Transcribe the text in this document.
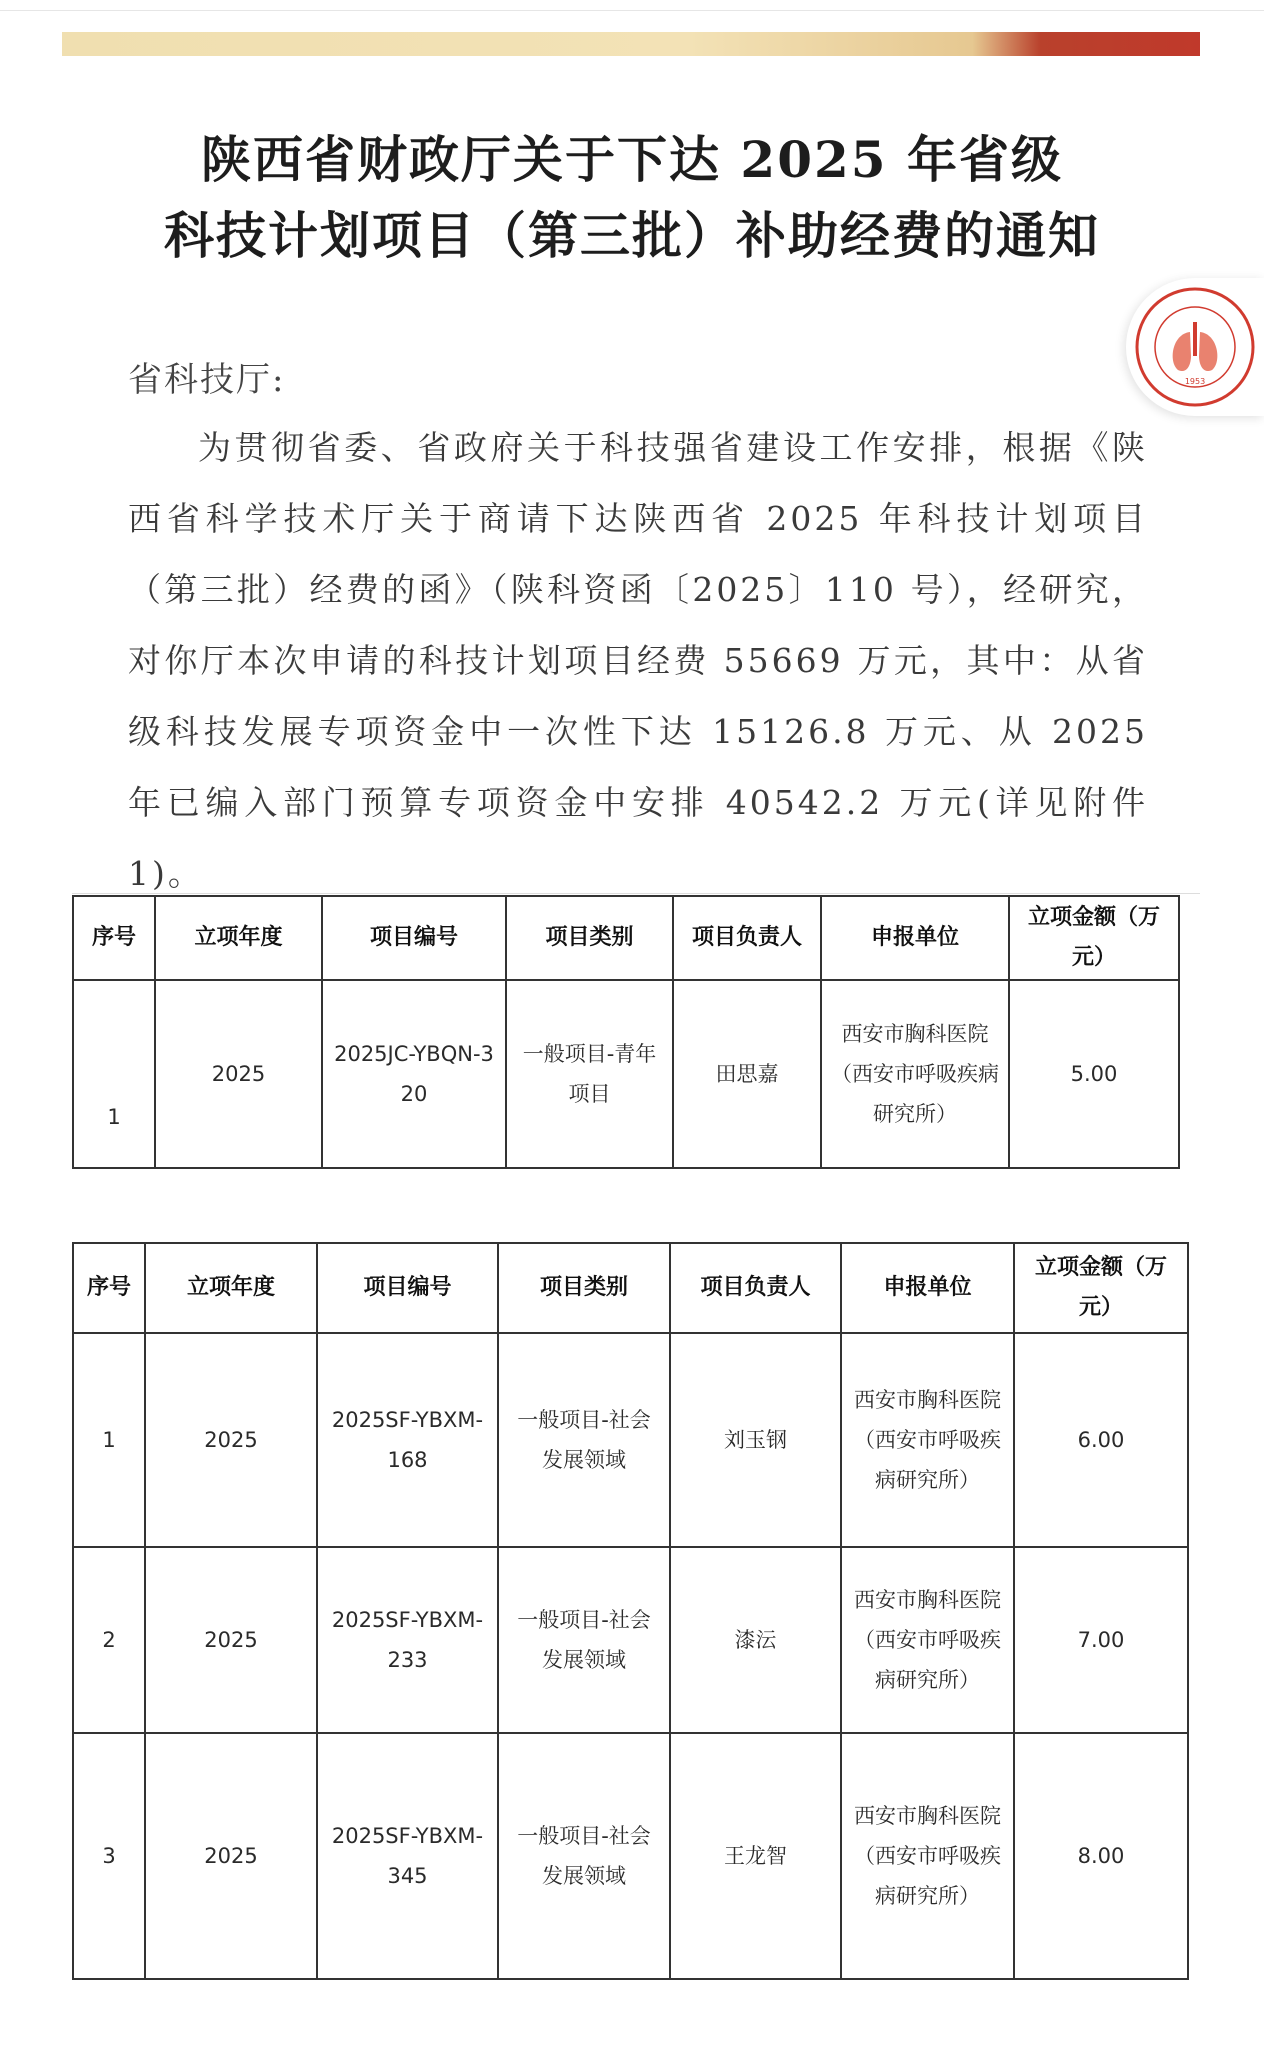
陕西省财政厅关于下达 2025 年省级
科技计划项目（第三批）补助经费的通知
1953
省科技厅:
为贯彻省委、省政府关于科技强省建设工作安排，根据《陕西省科学技术厅关于商请下达陕西省 2025 年科技计划项目（第三批）经费的函》（陕科资函〔2025〕110 号），经研究，对你厅本次申请的科技计划项目经费 55669 万元，其中：从省级科技发展专项资金中一次性下达 15126.8 万元、从 2025 年已编入部门预算专项资金中安排 40542.2 万元(详见附件 1)。
序号	立项年度	项目编号	项目类别	项目负责人	申报单位	立项金额（万元）
1	2025	2025JC-YBQN-320	一般项目-青年项目	田思嘉	西安市胸科医院（西安市呼吸疾病研究所）	5.00
序号	立项年度	项目编号	项目类别	项目负责人	申报单位	立项金额（万元）
1	2025	2025SF-YBXM-168	一般项目-社会发展领域	刘玉钢	西安市胸科医院（西安市呼吸疾病研究所）	6.00
2	2025	2025SF-YBXM-233	一般项目-社会发展领域	漆沄	西安市胸科医院（西安市呼吸疾病研究所）	7.00
3	2025	2025SF-YBXM-345	一般项目-社会发展领域	王龙智	西安市胸科医院（西安市呼吸疾病研究所）	8.00
